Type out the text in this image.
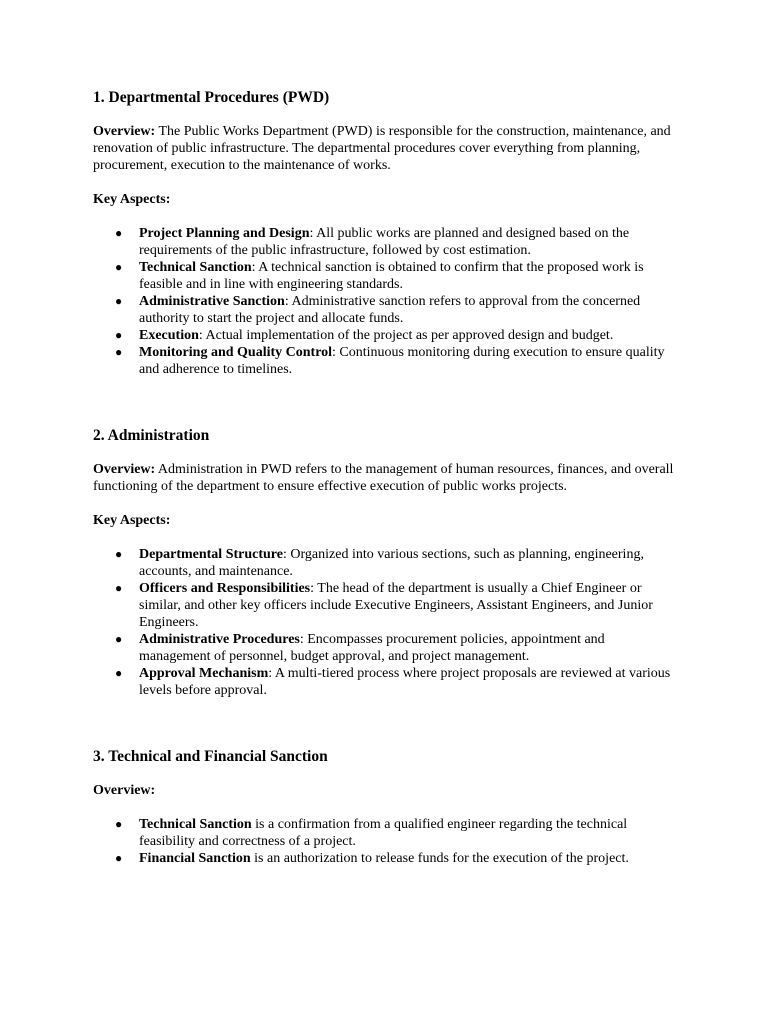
1. Departmental Procedures (PWD)

Overview: The Public Works Department (PWD) is responsible for the construction, maintenance, and renovation of public infrastructure. The departmental procedures cover everything from planning, procurement, execution to the maintenance of works.

Key Aspects:

● Project Planning and Design: All public works are planned and designed based on the requirements of the public infrastructure, followed by cost estimation.
● Technical Sanction: A technical sanction is obtained to confirm that the proposed work is feasible and in line with engineering standards.
● Administrative Sanction: Administrative sanction refers to approval from the concerned authority to start the project and allocate funds.
● Execution: Actual implementation of the project as per approved design and budget.
● Monitoring and Quality Control: Continuous monitoring during execution to ensure quality and adherence to timelines.
2. Administration

Overview: Administration in PWD refers to the management of human resources, finances, and overall functioning of the department to ensure effective execution of public works projects.

Key Aspects:

● Departmental Structure: Organized into various sections, such as planning, engineering, accounts, and maintenance.
● Officers and Responsibilities: The head of the department is usually a Chief Engineer or similar, and other key officers include Executive Engineers, Assistant Engineers, and Junior Engineers.
● Administrative Procedures: Encompasses procurement policies, appointment and management of personnel, budget approval, and project management.
● Approval Mechanism: A multi-tiered process where project proposals are reviewed at various levels before approval.
3. Technical and Financial Sanction

Overview:

● Technical Sanction is a confirmation from a qualified engineer regarding the technical feasibility and correctness of a project.
● Financial Sanction is an authorization to release funds for the execution of the project.
